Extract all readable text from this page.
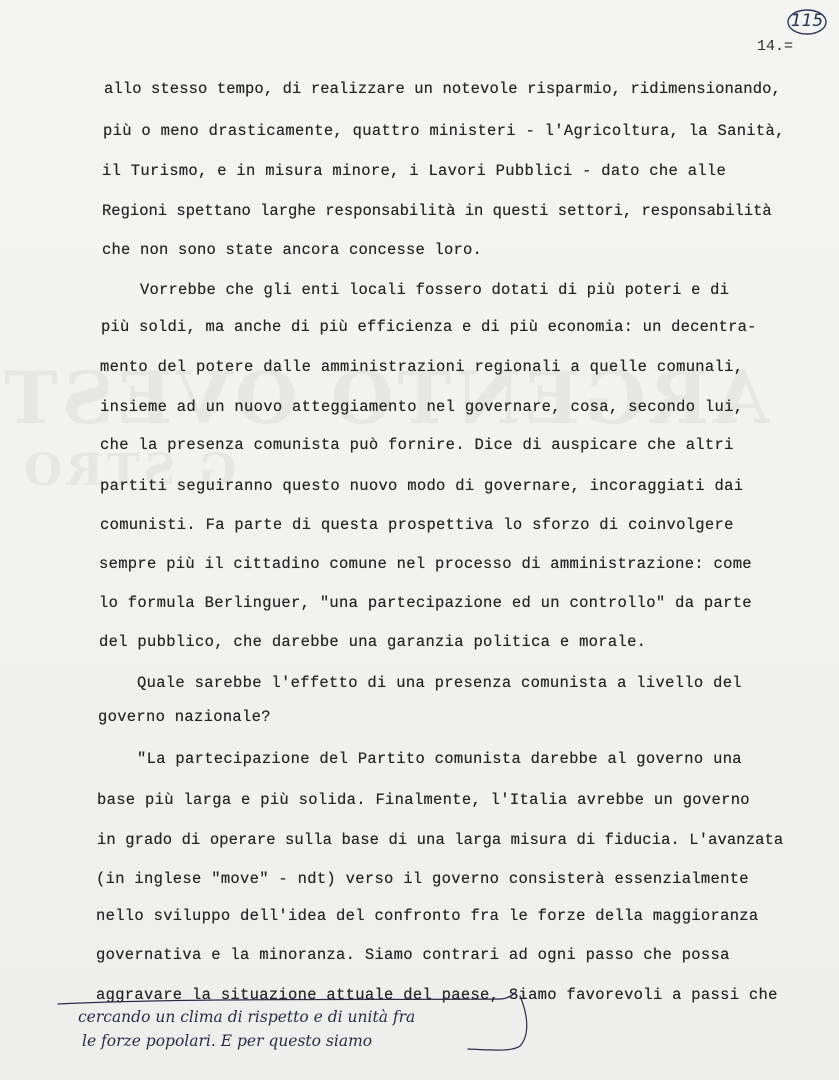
115
14.=
allo stesso tempo, di realizzare un notevole risparmio, ridimensionando,
più o meno drasticamente, quattro ministeri - l'Agricoltura, la Sanità,
il Turismo, e in misura minore, i Lavori Pubblici - dato che alle
Regioni spettano larghe responsabilità in questi settori, responsabilità
che non sono state ancora concesse loro.
Vorrebbe che gli enti locali fossero dotati di più poteri e di
più soldi, ma anche di più efficienza e di più economia: un decentra-
mento del potere dalle amministrazioni regionali a quelle comunali,
insieme ad un nuovo atteggiamento nel governare, cosa, secondo lui,
che la presenza comunista può fornire. Dice di auspicare che altri
partiti seguiranno questo nuovo modo di governare, incoraggiati dai
comunisti. Fa parte di questa prospettiva lo sforzo di coinvolgere
sempre più il cittadino comune nel processo di amministrazione: come
lo formula Berlinguer, "una partecipazione ed un controllo" da parte
del pubblico, che darebbe una garanzia politica e morale.
Quale sarebbe l'effetto di una presenza comunista a livello del
governo nazionale?
"La partecipazione del Partito comunista darebbe al governo una
base più larga e più solida. Finalmente, l'Italia avrebbe un governo
in grado di operare sulla base di una larga misura di fiducia. L'avanzata
(in inglese "move" - ndt) verso il governo consisterà essenzialmente
nello sviluppo dell'idea del confronto fra le forze della maggioranza
governativa e la minoranza. Siamo contrari ad ogni passo che possa
aggravare la situazione attuale del paese, Siamo favorevoli a passi che
cercando un clima di rispetto e di unità fra
le forze popolari. E per questo siamo
